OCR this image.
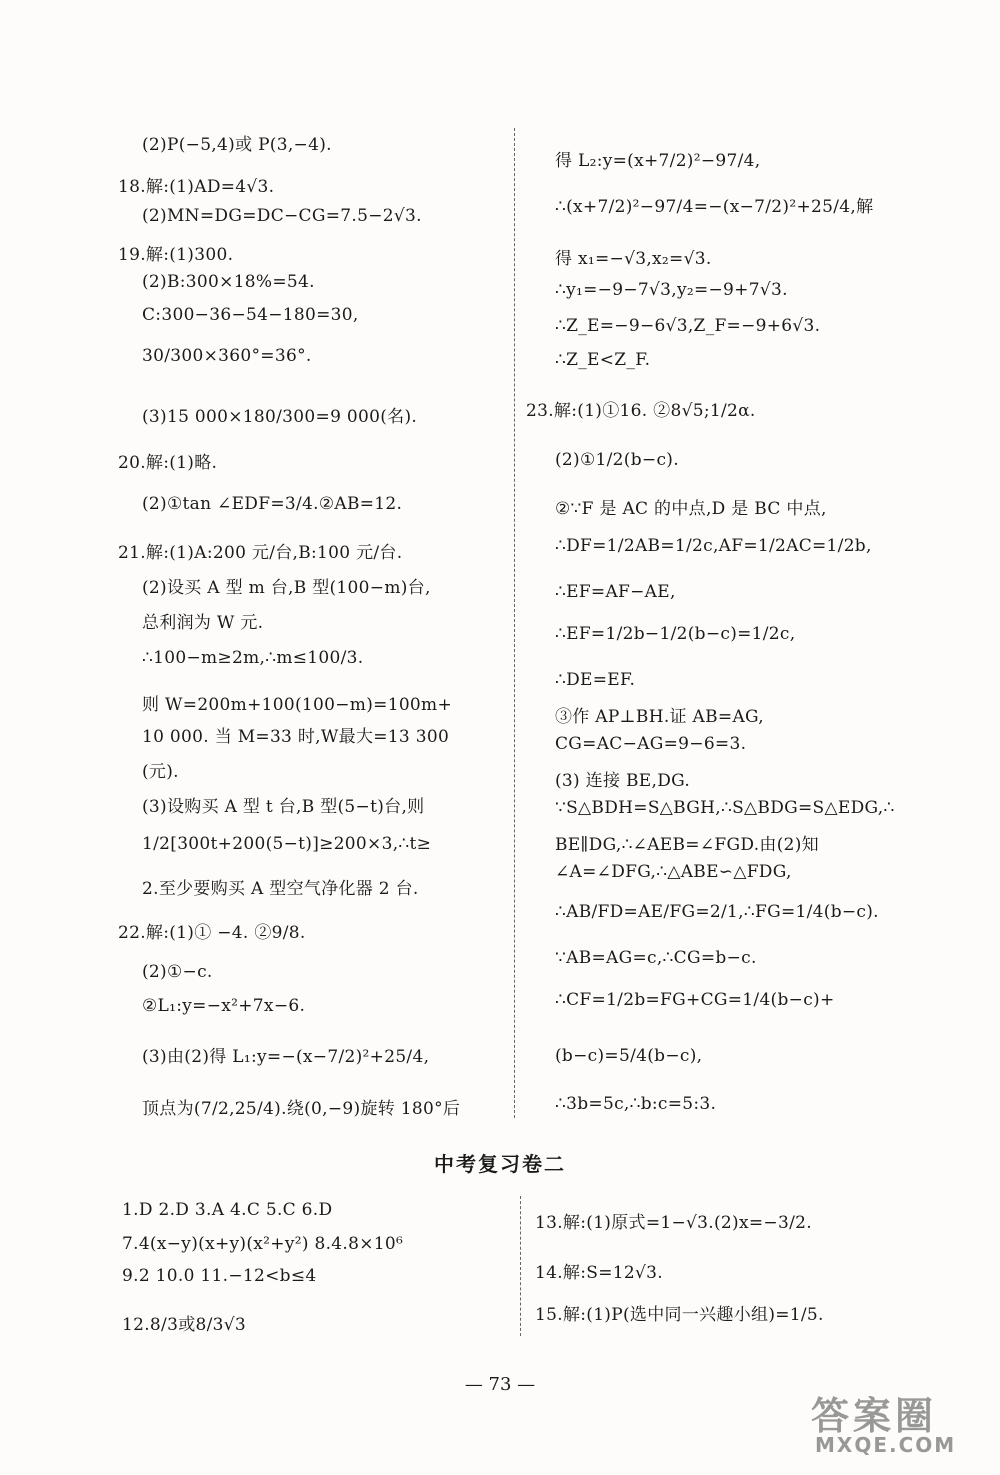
(2)P(−5,4)或 P(3,−4).
18.解:(1)AD=4√3.
(2)MN=DG=DC−CG=7.5−2√3.
19.解:(1)300.
(2)B:300×18%=54.
C:300−36−54−180=30,
30/300×360°=36°.
(3)15 000×180/300=9 000(名).
20.解:(1)略.
(2)①tan ∠EDF=3/4.②AB=12.
21.解:(1)A:200 元/台,B:100 元/台.
(2)设买 A 型 m 台,B 型(100−m)台,
总利润为 W 元.
∴100−m≥2m,∴m≤100/3.
则 W=200m+100(100−m)=100m+
10 000. 当 M=33 时,W最大=13 300
(元).
(3)设购买 A 型 t 台,B 型(5−t)台,则
1/2[300t+200(5−t)]≥200×3,∴t≥
2.至少要购买 A 型空气净化器 2 台.
22.解:(1)① −4. ②9/8.
(2)①−c.
②L₁:y=−x²+7x−6.
(3)由(2)得 L₁:y=−(x−7/2)²+25/4,
顶点为(7/2,25/4).绕(0,−9)旋转 180°后
得 L₂:y=(x+7/2)²−97/4,
∴(x+7/2)²−97/4=−(x−7/2)²+25/4,解
得 x₁=−√3,x₂=√3.
∴y₁=−9−7√3,y₂=−9+7√3.
∴Z_E=−9−6√3,Z_F=−9+6√3.
∴Z_E<Z_F.
23.解:(1)①16. ②8√5;1/2α.
(2)①1/2(b−c).
②∵F 是 AC 的中点,D 是 BC 中点,
∴DF=1/2AB=1/2c,AF=1/2AC=1/2b,
∴EF=AF−AE,
∴EF=1/2b−1/2(b−c)=1/2c,
∴DE=EF.
③作 AP⊥BH.证 AB=AG,
CG=AC−AG=9−6=3.
(3) 连接 BE,DG.
∵S△BDH=S△BGH,∴S△BDG=S△EDG,∴
BE∥DG,∴∠AEB=∠FGD.由(2)知
∠A=∠DFG,∴△ABE∽△FDG,
∴AB/FD=AE/FG=2/1,∴FG=1/4(b−c).
∵AB=AG=c,∴CG=b−c.
∴CF=1/2b=FG+CG=1/4(b−c)+
(b−c)=5/4(b−c),
∴3b=5c,∴b:c=5:3.
中考复习卷二
1.D 2.D 3.A 4.C 5.C 6.D
7.4(x−y)(x+y)(x²+y²) 8.4.8×10⁶
9.2 10.0 11.−12<b≤4
12.8/3或8/3√3
13.解:(1)原式=1−√3.(2)x=−3/2.
14.解:S=12√3.
15.解:(1)P(选中同一兴趣小组)=1/5.
— 73 —
答案圈
MXQE.COM
